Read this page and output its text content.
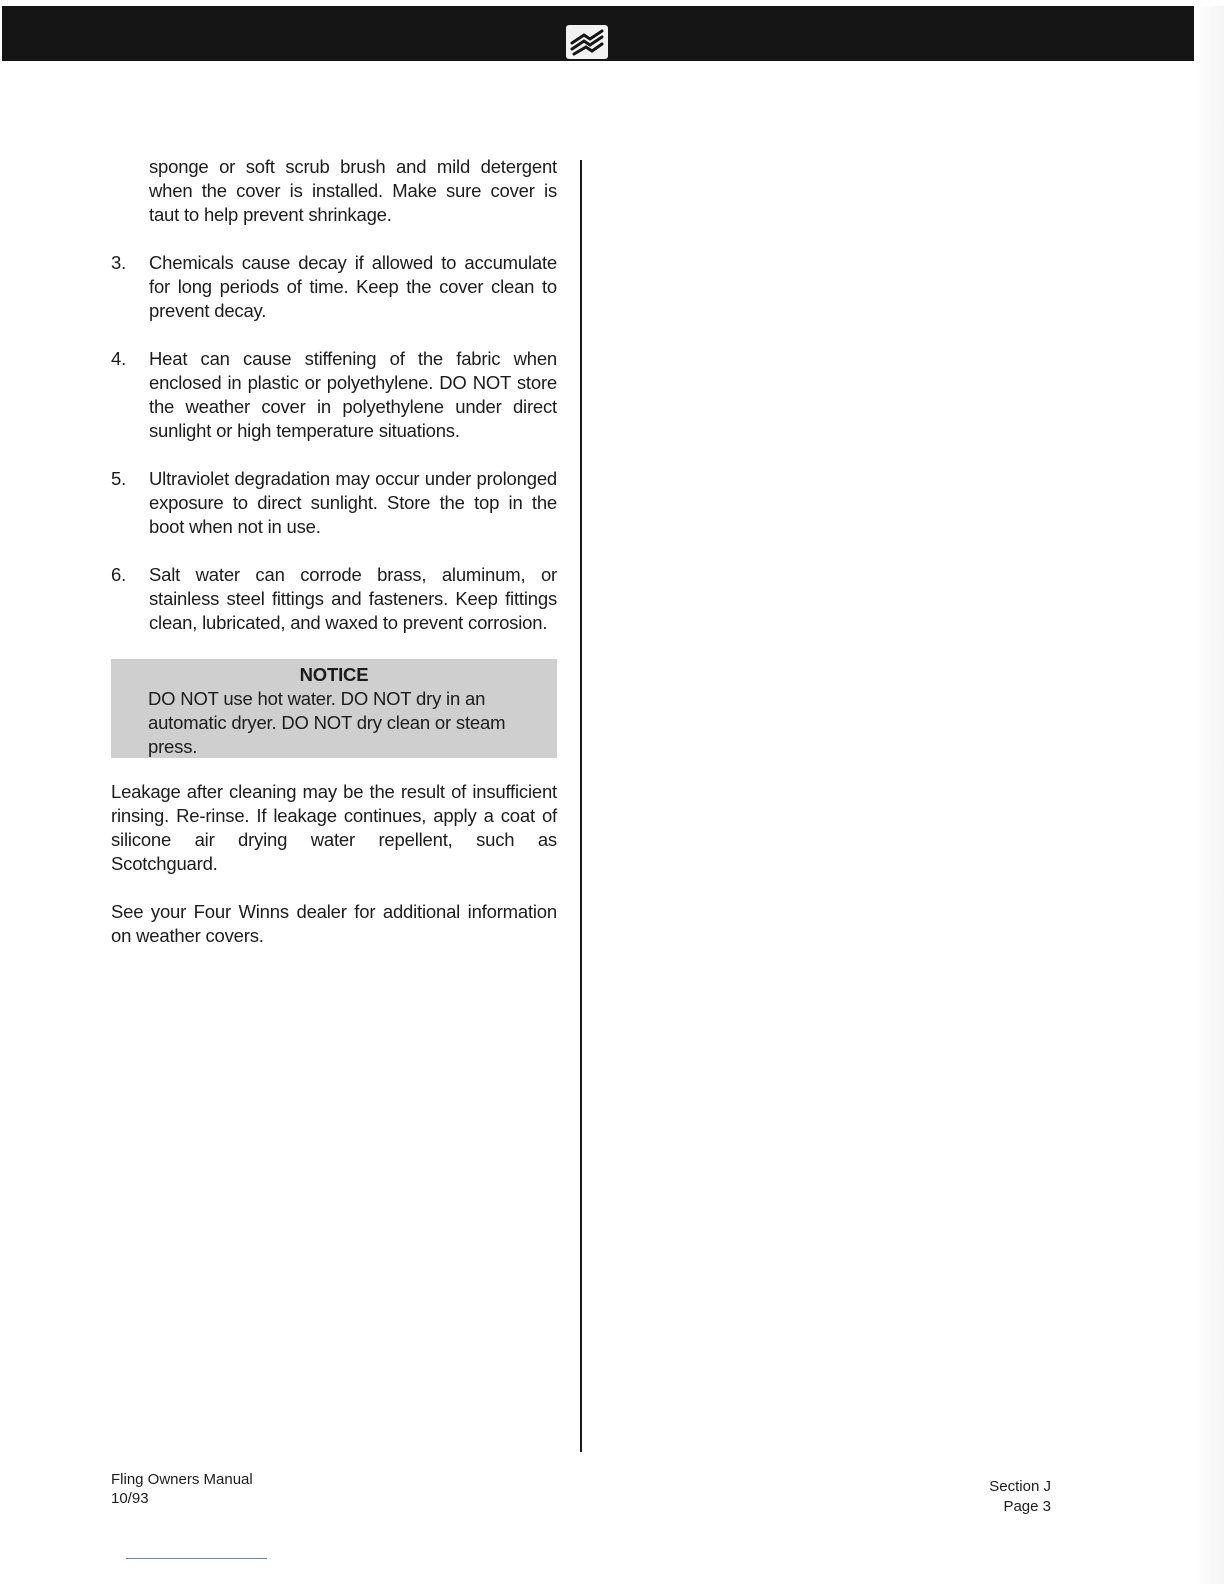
sponge or soft scrub brush and mild detergent when the cover is installed. Make sure cover is taut to help prevent shrinkage.

3. Chemicals cause decay if allowed to accumulate for long periods of time. Keep the cover clean to prevent decay.

4. Heat can cause stiffening of the fabric when enclosed in plastic or polyethylene. DO NOT store the weather cover in polyethylene under direct sunlight or high temperature situations.

5. Ultraviolet degradation may occur under prolonged exposure to direct sunlight. Store the top in the boot when not in use.

6. Salt water can corrode brass, aluminum, or stainless steel fittings and fasteners. Keep fittings clean, lubricated, and waxed to prevent corrosion.

NOTICE
DO NOT use hot water. DO NOT dry in an automatic dryer. DO NOT dry clean or steam press.

Leakage after cleaning may be the result of insufficient rinsing. Re-rinse. If leakage continues, apply a coat of silicone air drying water repellent, such as Scotchguard.

See your Four Winns dealer for additional information on weather covers.

Fling Owners Manual
10/93
Section J
Page 3
